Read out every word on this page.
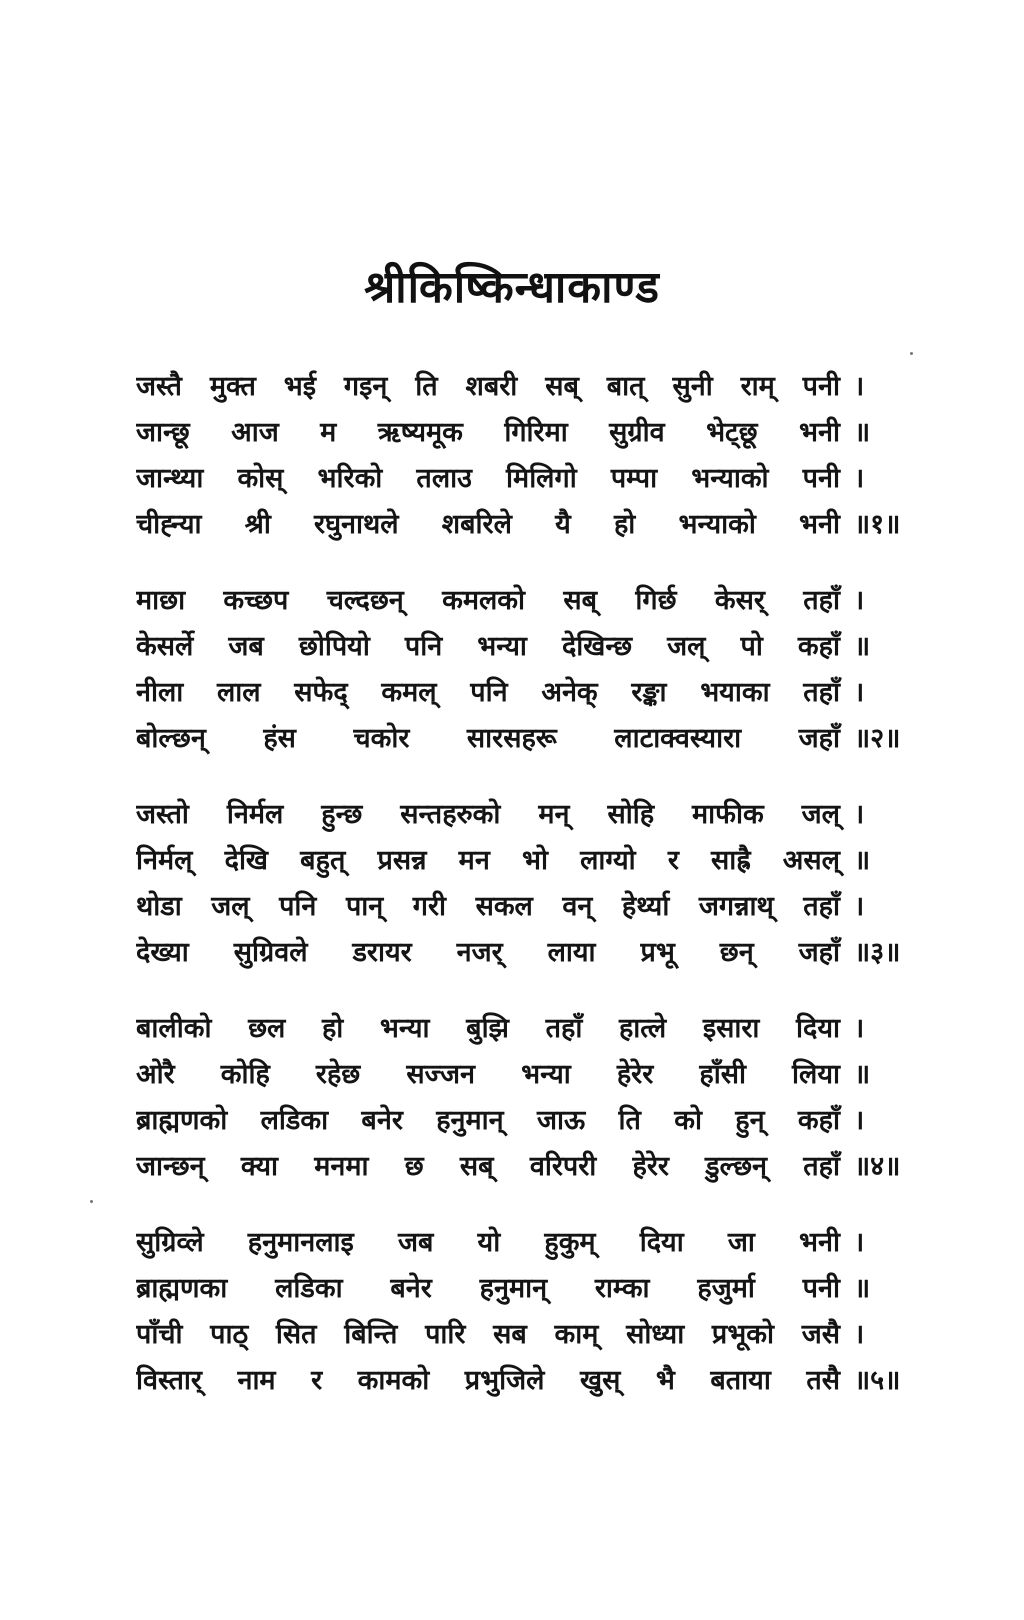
श्रीकिष्किन्धाकाण्ड
जस्तै मुक्त भई गइन् ति शबरी सब् बात् सुनी राम् पनी ।
जान्छू आज म ऋष्यमूक गिरिमा सुग्रीव भेट्छू भनी ॥
जान्थ्या कोस् भरिको तलाउ मिलिगो पम्पा भन्याको पनी ।
चीह्न्या श्री रघुनाथले शबरिले यै हो भन्याको भनी ॥१॥
माछा कच्छप चल्दछन् कमलको सब् गिर्छ केसर् तहाँ ।
केसर्ले जब छोपियो पनि भन्या देखिन्छ जल् पो कहाँ ॥
नीला लाल सफेद् कमल् पनि अनेक् रङ्का भयाका तहाँ ।
बोल्छन् हंस चकोर सारसहरू लाटाक्वस्यारा जहाँ ॥२॥
जस्तो निर्मल हुन्छ सन्तहरुको मन् सोहि माफीक जल् ।
निर्मल् देखि बहुत् प्रसन्न मन भो लाग्यो र साह्रै असल् ॥
थोडा जल् पनि पान् गरी सकल वन् हेर्थ्या जगन्नाथ् तहाँ ।
देख्या सुग्रिवले डरायर नजर् लाया प्रभू छन् जहाँ ॥३॥
बालीको छल हो भन्या बुझि तहाँ हात्ले इसारा दिया ।
ओरै कोहि रहेछ सज्जन भन्या हेरेर हाँसी लिया ॥
ब्राह्मणको लडिका बनेर हनुमान् जाऊ ति को हुन् कहाँ ।
जान्छन् क्या मनमा छ सब् वरिपरी हेरेर डुल्छन् तहाँ ॥४॥
सुग्रिव्ले हनुमानलाइ जब यो हुकुम् दिया जा भनी ।
ब्राह्मणका लडिका बनेर हनुमान् राम्का हजुर्मा पनी ॥
पाँची पाठ् सित बिन्ति पारि सब काम् सोध्या प्रभूको जसै ।
विस्तार् नाम र कामको प्रभुजिले खुस् भै बताया तसै ॥५॥
